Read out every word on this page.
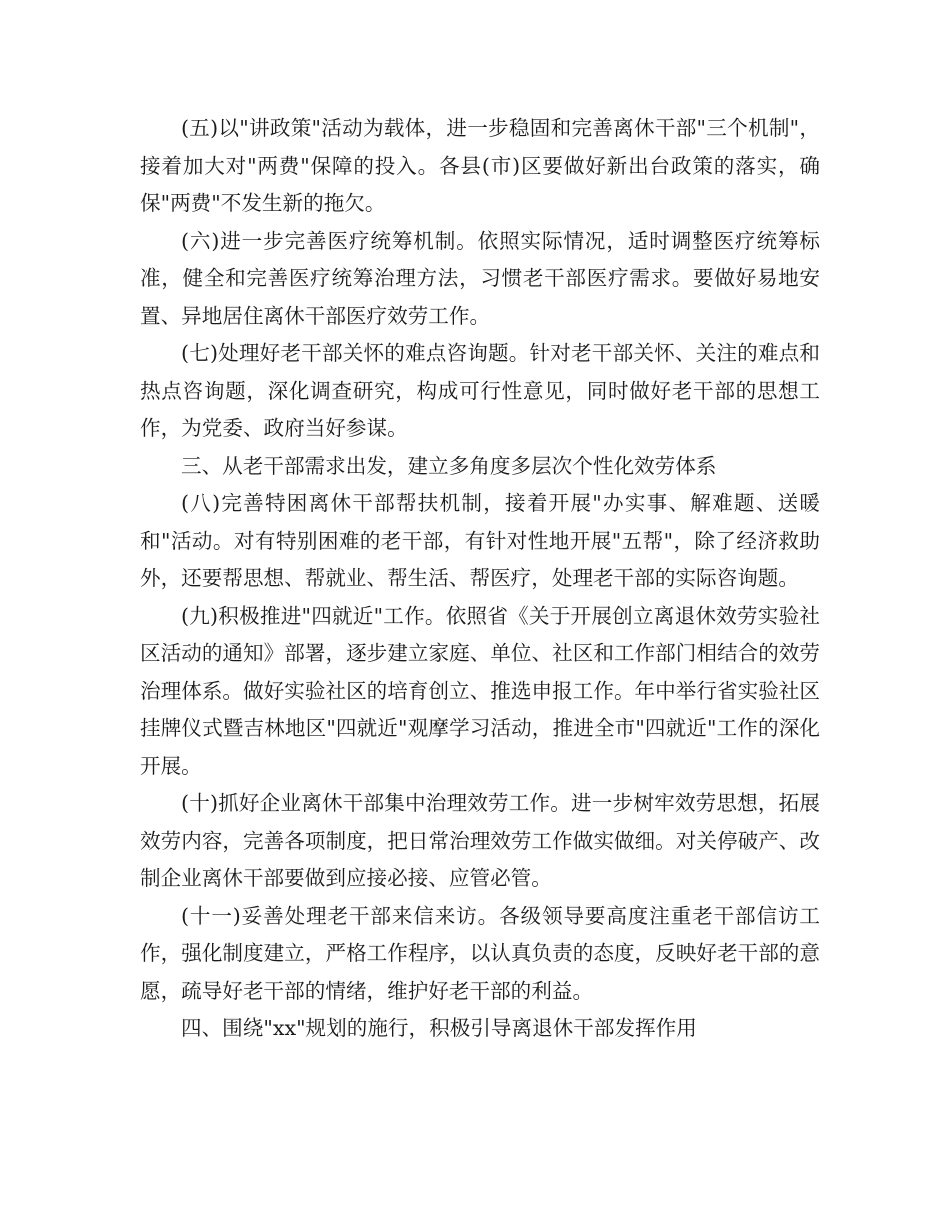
(五)以"讲政策"活动为载体，进一步稳固和完善离休干部"三个机制"，接着加大对"两费"保障的投入。各县(市)区要做好新出台政策的落实，确保"两费"不发生新的拖欠。

(六)进一步完善医疗统筹机制。依照实际情况，适时调整医疗统筹标准，健全和完善医疗统筹治理方法，习惯老干部医疗需求。要做好易地安置、异地居住离休干部医疗效劳工作。

(七)处理好老干部关怀的难点咨询题。针对老干部关怀、关注的难点和热点咨询题，深化调查研究，构成可行性意见，同时做好老干部的思想工作，为党委、政府当好参谋。

三、从老干部需求出发，建立多角度多层次个性化效劳体系

(八)完善特困离休干部帮扶机制，接着开展"办实事、解难题、送暖和"活动。对有特别困难的老干部，有针对性地开展"五帮"，除了经济救助外，还要帮思想、帮就业、帮生活、帮医疗，处理老干部的实际咨询题。

(九)积极推进"四就近"工作。依照省《关于开展创立离退休效劳实验社区活动的通知》部署，逐步建立家庭、单位、社区和工作部门相结合的效劳治理体系。做好实验社区的培育创立、推选申报工作。年中举行省实验社区挂牌仪式暨吉林地区"四就近"观摩学习活动，推进全市"四就近"工作的深化开展。

(十)抓好企业离休干部集中治理效劳工作。进一步树牢效劳思想，拓展效劳内容，完善各项制度，把日常治理效劳工作做实做细。对关停破产、改制企业离休干部要做到应接必接、应管必管。

(十一)妥善处理老干部来信来访。各级领导要高度注重老干部信访工作，强化制度建立，严格工作程序，以认真负责的态度，反映好老干部的意愿，疏导好老干部的情绪，维护好老干部的利益。

四、围绕"xx"规划的施行，积极引导离退休干部发挥作用
